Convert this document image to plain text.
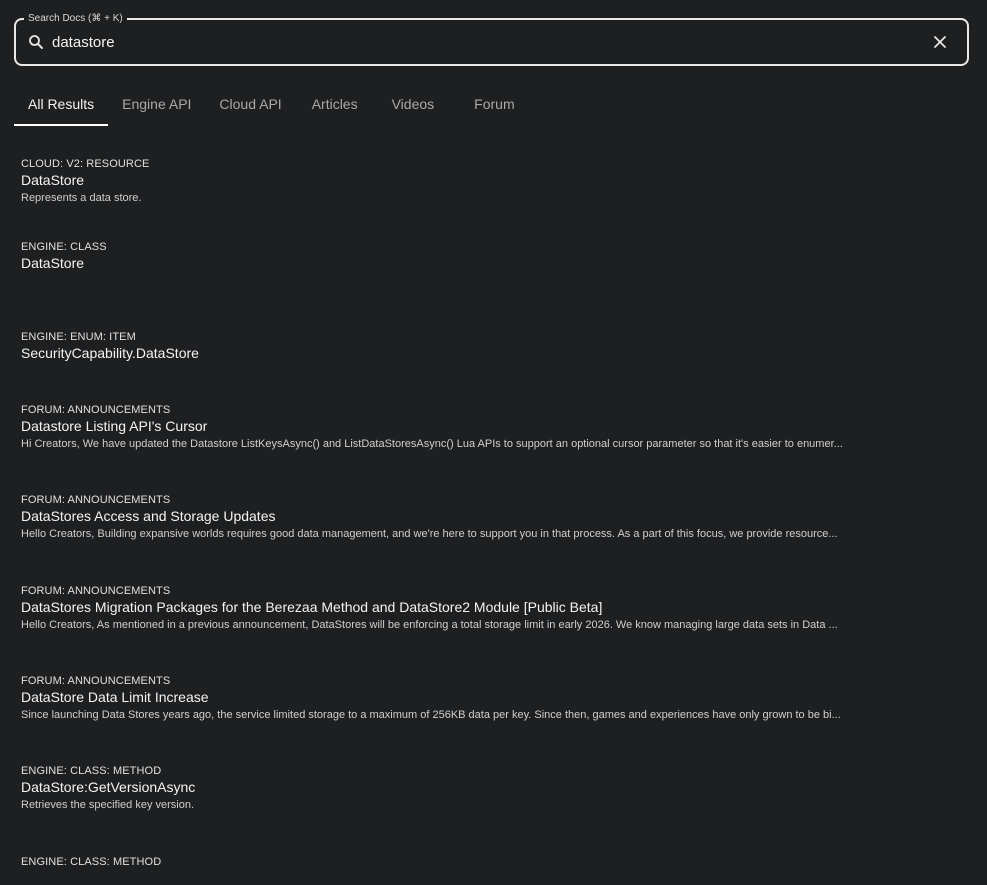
Search Docs (⌘ + K)
datastore
All Results	Engine API	Cloud API	Articles	Videos	Forum
CLOUD: V2: RESOURCE
DataStore
Represents a data store.
ENGINE: CLASS
DataStore
ENGINE: ENUM: ITEM
SecurityCapability.DataStore
FORUM: ANNOUNCEMENTS
Datastore Listing API's Cursor
Hi Creators, We have updated the Datastore ListKeysAsync() and ListDataStoresAsync() Lua APIs to support an optional cursor parameter so that it's easier to enumer...
FORUM: ANNOUNCEMENTS
DataStores Access and Storage Updates
Hello Creators, Building expansive worlds requires good data management, and we're here to support you in that process. As a part of this focus, we provide resource...
FORUM: ANNOUNCEMENTS
DataStores Migration Packages for the Berezaa Method and DataStore2 Module [Public Beta]
Hello Creators, As mentioned in a previous announcement, DataStores will be enforcing a total storage limit in early 2026. We know managing large data sets in Data ...
FORUM: ANNOUNCEMENTS
DataStore Data Limit Increase
Since launching Data Stores years ago, the service limited storage to a maximum of 256KB data per key. Since then, games and experiences have only grown to be bi...
ENGINE: CLASS: METHOD
DataStore:GetVersionAsync
Retrieves the specified key version.
ENGINE: CLASS: METHOD
